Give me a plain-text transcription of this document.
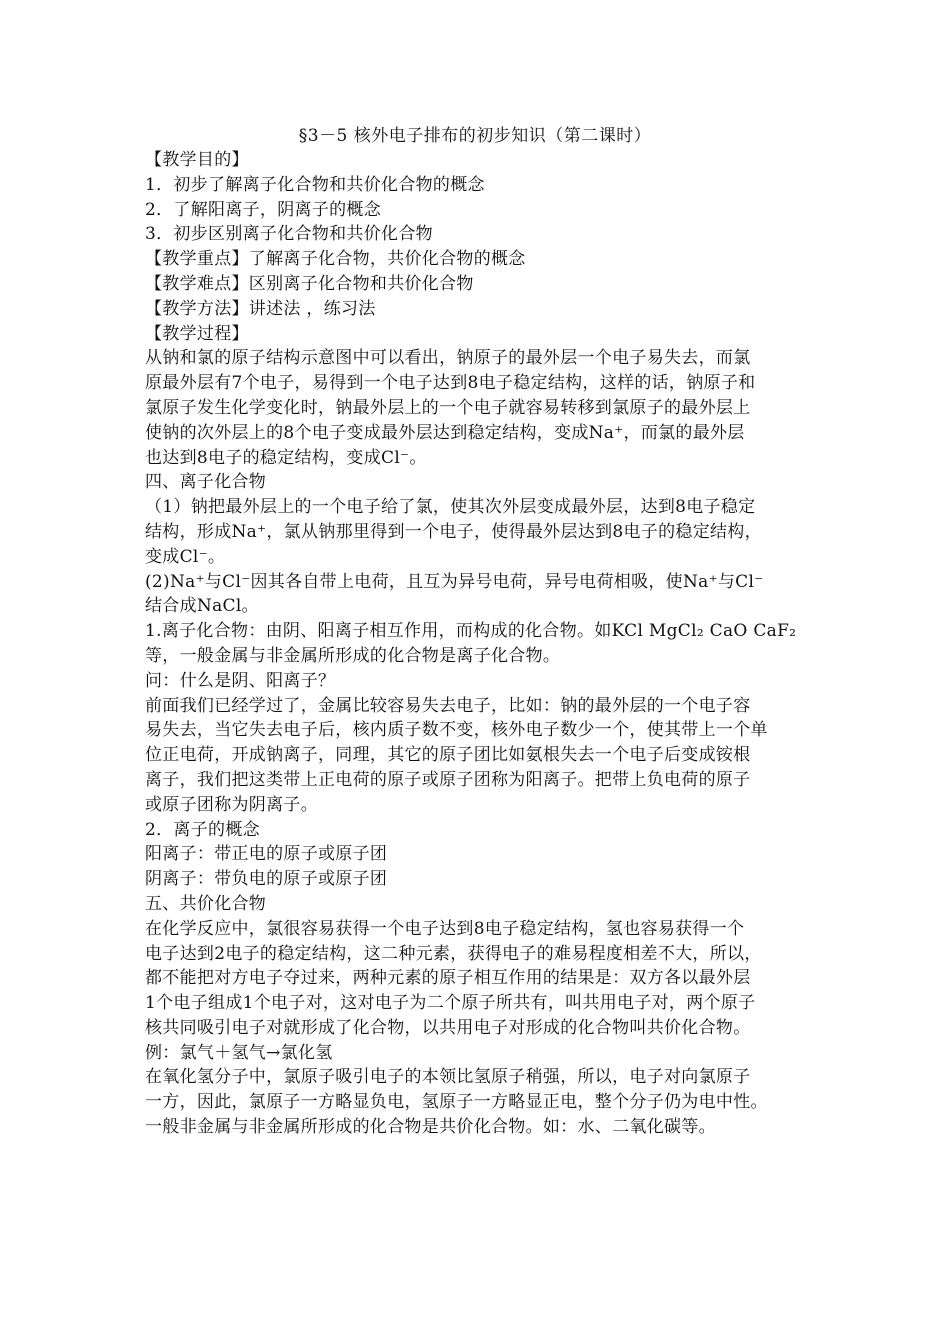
§3－5 核外电子排布的初步知识（第二课时）
【教学目的】
1．初步了解离子化合物和共价化合物的概念
2．了解阳离子，阴离子的概念
3．初步区别离子化合物和共价化合物
【教学重点】了解离子化合物，共价化合物的概念
【教学难点】区别离子化合物和共价化合物
【教学方法】讲述法 ，练习法
【教学过程】
从钠和氯的原子结构示意图中可以看出，钠原子的最外层一个电子易失去，而氯
原最外层有7个电子，易得到一个电子达到8电子稳定结构，这样的话，钠原子和
氯原子发生化学变化时，钠最外层上的一个电子就容易转移到氯原子的最外层上
使钠的次外层上的8个电子变成最外层达到稳定结构，变成Na⁺，而氯的最外层
也达到8电子的稳定结构，变成Cl⁻。
四、离子化合物
（1）钠把最外层上的一个电子给了氯，使其次外层变成最外层，达到8电子稳定
结构，形成Na⁺，氯从钠那里得到一个电子，使得最外层达到8电子的稳定结构，
变成Cl⁻。
(2)Na⁺与Cl⁻因其各自带上电荷，且互为异号电荷，异号电荷相吸，使Na⁺与Cl⁻
结合成NaCl。
1.离子化合物：由阴、阳离子相互作用，而构成的化合物。如KCl MgCl₂ CaO CaF₂
等，一般金属与非金属所形成的化合物是离子化合物。
问：什么是阴、阳离子？
前面我们已经学过了，金属比较容易失去电子，比如：钠的最外层的一个电子容
易失去，当它失去电子后，核内质子数不变，核外电子数少一个，使其带上一个单
位正电荷，开成钠离子，同理，其它的原子团比如氨根失去一个电子后变成铵根
离子，我们把这类带上正电荷的原子或原子团称为阳离子。把带上负电荷的原子
或原子团称为阴离子。
2．离子的概念
阳离子：带正电的原子或原子团
阴离子：带负电的原子或原子团
五、共价化合物
在化学反应中，氯很容易获得一个电子达到8电子稳定结构，氢也容易获得一个
电子达到2电子的稳定结构，这二种元素，获得电子的难易程度相差不大，所以，
都不能把对方电子夺过来，两种元素的原子相互作用的结果是：双方各以最外层
1个电子组成1个电子对，这对电子为二个原子所共有，叫共用电子对，两个原子
核共同吸引电子对就形成了化合物，以共用电子对形成的化合物叫共价化合物。
例：氯气＋氢气→氯化氢
在氧化氢分子中，氯原子吸引电子的本领比氢原子稍强，所以，电子对向氯原子
一方，因此，氯原子一方略显负电，氢原子一方略显正电，整个分子仍为电中性。
一般非金属与非金属所形成的化合物是共价化合物。如：水、二氧化碳等。
